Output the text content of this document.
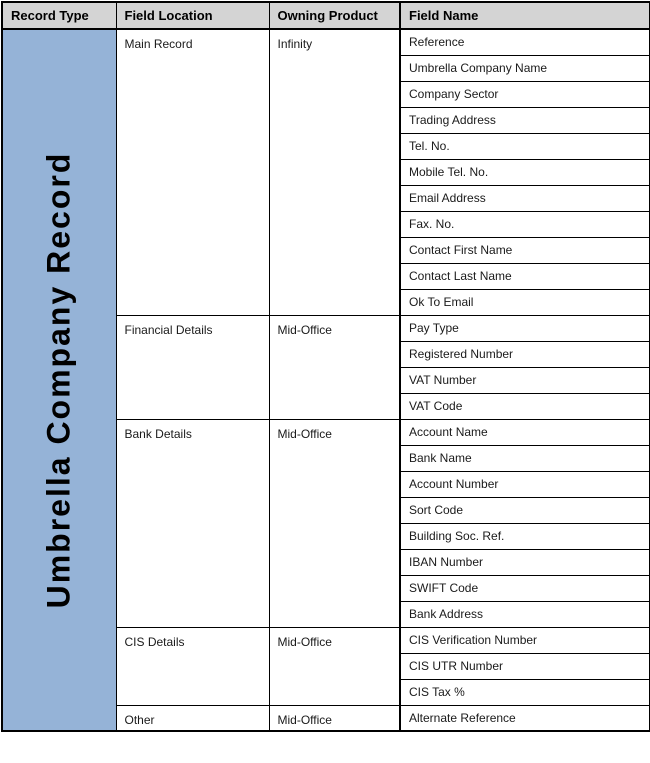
Record Type	Field Location	Owning Product	Field Name

Umbrella Company Record	Main Record	Infinity	Reference
			Umbrella Company Name
			Company Sector
			Trading Address
			Tel. No.
			Mobile Tel. No.
			Email Address
			Fax. No.
			Contact First Name
			Contact Last Name
			Ok To Email
	Financial Details	Mid-Office	Pay Type
			Registered Number
			VAT Number
			VAT Code
	Bank Details	Mid-Office	Account Name
			Bank Name
			Account Number
			Sort Code
			Building Soc. Ref.
			IBAN Number
			SWIFT Code
			Bank Address
	CIS Details	Mid-Office	CIS Verification Number
			CIS UTR Number
			CIS Tax %
	Other	Mid-Office	Alternate Reference
